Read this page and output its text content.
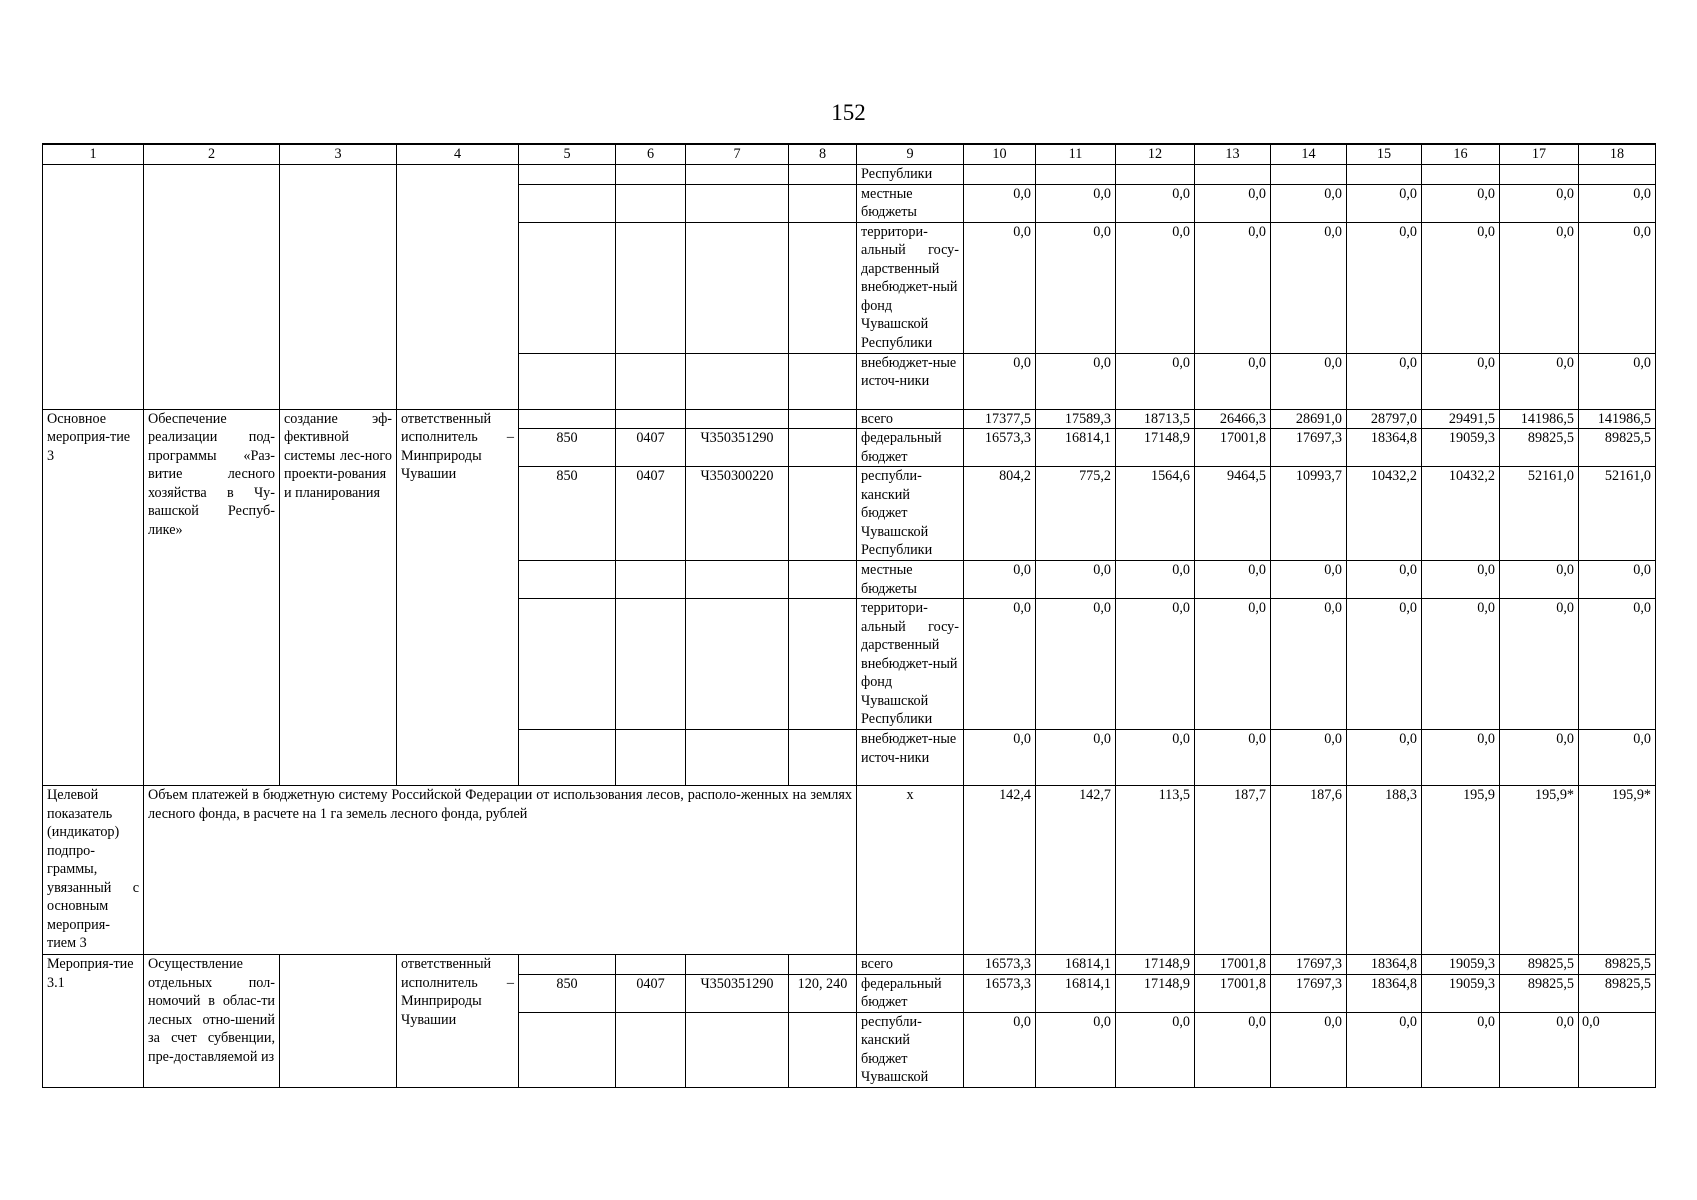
152
1	2	3	4	5	6	7	8	9	10	11	12	13	14	15	16	17	18
								Республики									
								местные бюджеты	0,0	0,0	0,0	0,0	0,0	0,0	0,0	0,0	0,0
								территори-альный госу-дарственный внебюджет-ный фонд Чувашской Республики	0,0	0,0	0,0	0,0	0,0	0,0	0,0	0,0	0,0
								внебюджет-ные источ-ники	0,0	0,0	0,0	0,0	0,0	0,0	0,0	0,0	0,0
Основное мероприя-тие 3	Обеспечение реализации под-программы «Раз-витие лесного хозяйства в Чу-вашской Респуб-лике»	создание эф-фективной системы лес-ного проекти-рования и планирования	ответственный исполнитель – Минприроды Чувашии					всего	17377,5	17589,3	18713,5	26466,3	28691,0	28797,0	29491,5	141986,5	141986,5
				850	0407	Ч350351290		федеральный бюджет	16573,3	16814,1	17148,9	17001,8	17697,3	18364,8	19059,3	89825,5	89825,5
				850	0407	Ч350300220		республи-канский бюджет Чувашской Республики	804,2	775,2	1564,6	9464,5	10993,7	10432,2	10432,2	52161,0	52161,0
								местные бюджеты	0,0	0,0	0,0	0,0	0,0	0,0	0,0	0,0	0,0
								территори-альный госу-дарственный внебюджет-ный фонд Чувашской Республики	0,0	0,0	0,0	0,0	0,0	0,0	0,0	0,0	0,0
								внебюджет-ные источ-ники	0,0	0,0	0,0	0,0	0,0	0,0	0,0	0,0	0,0
Целевой показатель (индикатор) подпро-граммы, увязанный с основным мероприя-тием 3	Объем платежей в бюджетную систему Российской Федерации от использования лесов, располо-женных на землях лесного фонда, в расчете на 1 га земель лесного фонда, рублей							х	142,4	142,7	113,5	187,7	187,6	188,3	195,9	195,9*	195,9*
Мероприя-тие 3.1	Осуществление отдельных пол-номочий в облас-ти лесных отно-шений за счет субвенции, пре-доставляемой из		ответственный исполнитель – Минприроды Чувашии					всего	16573,3	16814,1	17148,9	17001,8	17697,3	18364,8	19059,3	89825,5	89825,5
				850	0407	Ч350351290	120, 240	федеральный бюджет	16573,3	16814,1	17148,9	17001,8	17697,3	18364,8	19059,3	89825,5	89825,5
								республи-канский бюджет Чувашской	0,0	0,0	0,0	0,0	0,0	0,0	0,0	0,0	0,0
